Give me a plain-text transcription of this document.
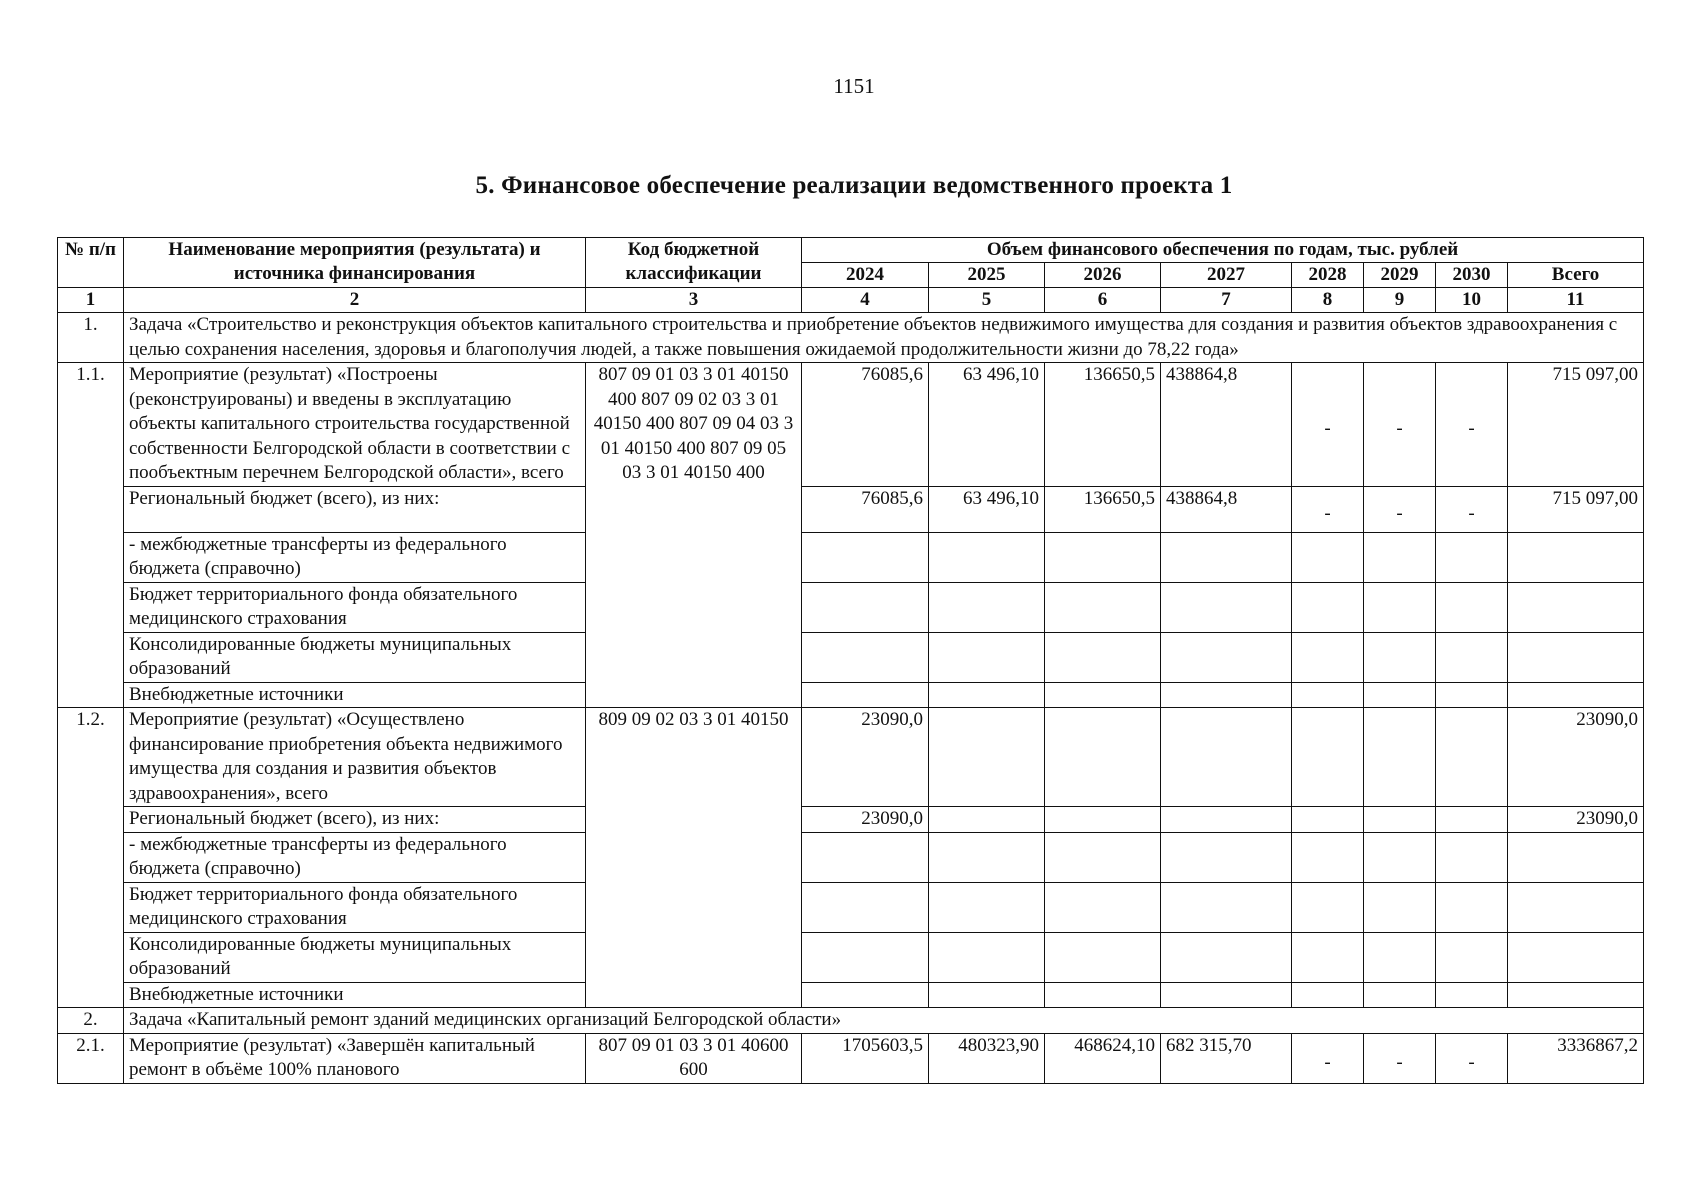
1151
5. Финансовое обеспечение реализации ведомственного проекта 1
№ п/п	Наименование мероприятия (результата) и источника финансирования	Код бюджетной классификации	Объем финансового обеспечения по годам, тыс. рублей							
			2024	2025	2026	2027	2028	2029	2030	Всего
1	2	3	4	5	6	7	8	9	10	11
1.	Задача «Строительство и реконструкция объектов капитального строительства и приобретение объектов недвижимого имущества для создания и развития объектов здравоохранения с целью сохранения населения, здоровья и благополучия людей, а также повышения ожидаемой продолжительности жизни до 78,22 года»									
1.1.	Мероприятие (результат) «Построены (реконструированы) и введены в эксплуатацию объекты капитального строительства государственной собственности Белгородской области в соответствии с пообъектным перечнем Белгородской области», всего	807 09 01 03 3 01 40150 400 807 09 02 03 3 01 40150 400 807 09 04 03 3 01 40150 400 807 09 05 03 3 01 40150 400	76085,6	63 496,10	136650,5	438864,8	-	-	-	715 097,00
	Региональный бюджет (всего), из них:		76085,6	63 496,10	136650,5	438864,8	-	-	-	715 097,00
	- межбюджетные трансферты из федерального бюджета (справочно)									
	Бюджет территориального фонда обязательного медицинского страхования									
	Консолидированные бюджеты муниципальных образований									
	Внебюджетные источники									
1.2.	Мероприятие (результат) «Осуществлено финансирование приобретения объекта недвижимого имущества для создания и развития объектов здравоохранения», всего	809 09 02 03 3 01 40150	23090,0							23090,0
	Региональный бюджет (всего), из них:		23090,0							23090,0
	- межбюджетные трансферты из федерального бюджета (справочно)									
	Бюджет территориального фонда обязательного медицинского страхования									
	Консолидированные бюджеты муниципальных образований									
	Внебюджетные источники									
2.	Задача «Капитальный ремонт зданий медицинских организаций Белгородской области»									
2.1.	Мероприятие (результат) «Завершён капитальный ремонт в объёме 100% планового	807 09 01 03 3 01 40600 600	1705603,5	480323,90	468624,10	682 315,70	-	-	-	3336867,2
